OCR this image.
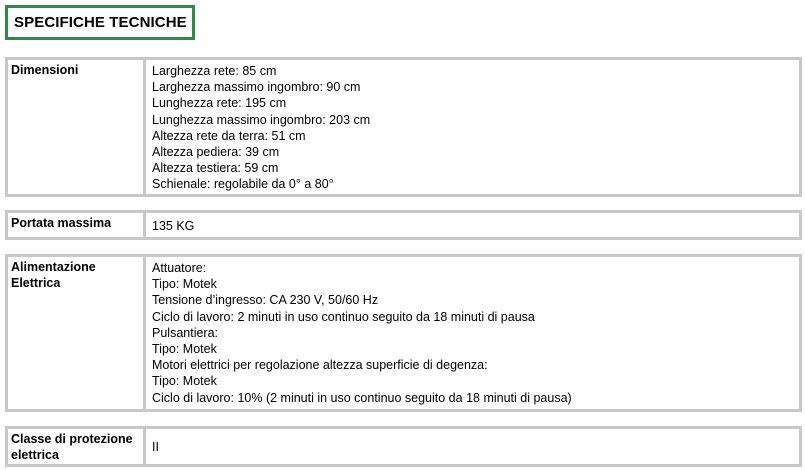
SPECIFICHE TECNICHE
Dimensioni	Larghezza rete: 85 cm
Larghezza massimo ingombro: 90 cm
Lunghezza rete: 195 cm
Lunghezza massimo ingombro: 203 cm
Altezza rete da terra: 51 cm
Altezza pediera: 39 cm
Altezza testiera: 59 cm
Schienale: regolabile da 0° a 80°
Portata massima	135 KG
Alimentazione Elettrica
Attuatore:
Tipo: Motek
Tensione d’ingresso: CA 230 V, 50/60 Hz
Ciclo di lavoro: 2 minuti in uso continuo seguito da 18 minuti di pausa
Pulsantiera:
Tipo: Motek
Motori elettrici per regolazione altezza superficie di degenza:
Tipo: Motek
Ciclo di lavoro: 10% (2 minuti in uso continuo seguito da 18 minuti di pausa)
Classe di protezione elettrica
II
